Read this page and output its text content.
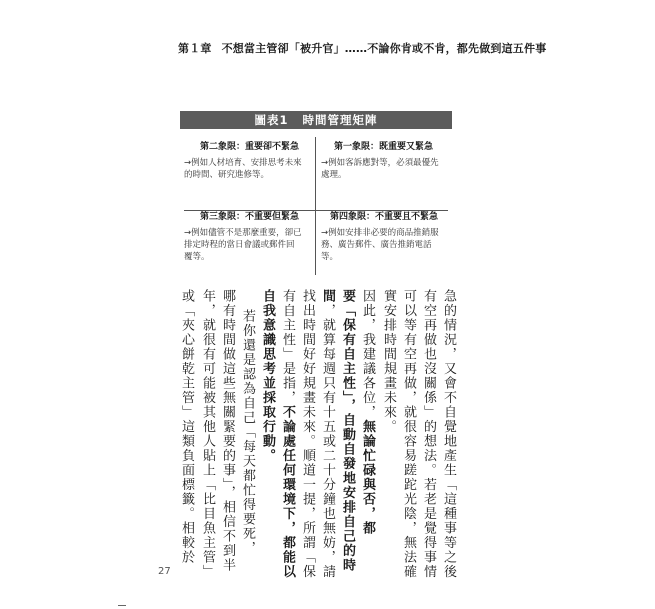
第１章 不想當主管卻「被升官」……不論你肯或不肯，都先做到這五件事
圖表1 時間管理矩陣
第二象限：重要卻不緊急
→例如人材培育、安排思考未來的時間、研究進修等。
第一象限：既重要又緊急
→例如客訴應對等，必須最優先處理。
第三象限：不重要但緊急
→例如儘管不是那麼重要，卻已排定時程的當日會議或郵件回覆等。
第四象限：不重要且不緊急
→例如安排非必要的商品推銷服務、廣告郵件、廣告推銷電話等。
急的情況，又會不自覺地產生「這種事等之後
有空再做也沒關係」的想法。若老是覺得事情
可以等有空再做，就很容易蹉跎光陰，無法確
實安排時間規畫未來。
因此，我建議各位，無論忙碌與否，都
要「保有自主性」，自動自發地安排自己的時
間，就算每週只有十五或二十分鐘也無妨，請
找出時間好好規畫未來。順道一提，所謂「保
有自主性」是指，不論處任何環境下，都能以
自我意識思考並採取行動。
若你還是認為自己「每天都忙得要死，
哪有時間做這些無關緊要的事」，相信不到半
年，就很有可能被其他人貼上「比目魚主管」
或「夾心餅乾主管」這類負面標籤。相較於
27
